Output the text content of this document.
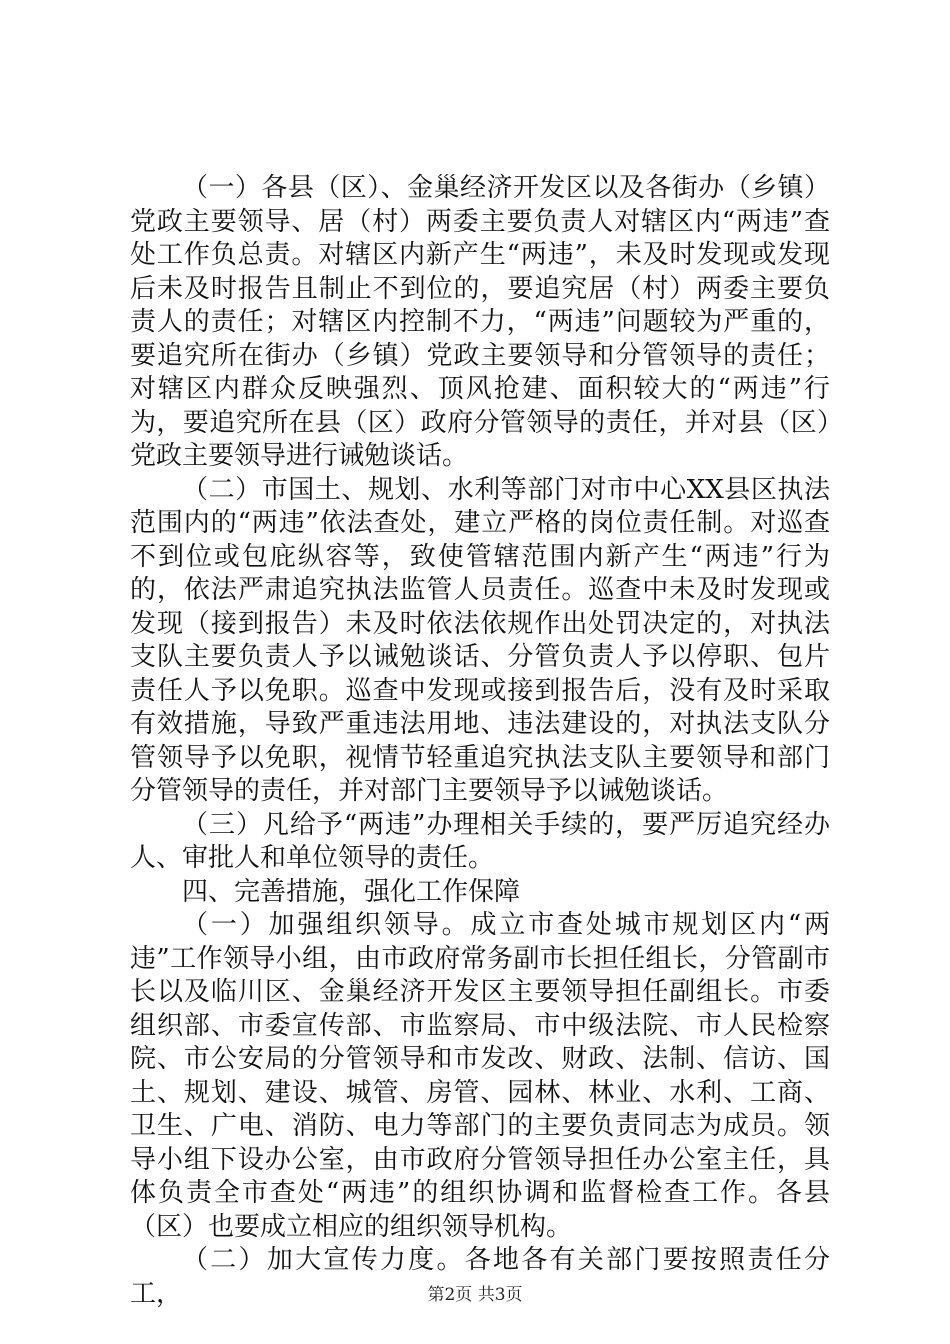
（一）各县（区）、金巢经济开发区以及各街办（乡镇）党政主要领导、居（村）两委主要负责人对辖区内“两违”查处工作负总责。对辖区内新产生“两违”，未及时发现或发现后未及时报告且制止不到位的，要追究居（村）两委主要负责人的责任；对辖区内控制不力，“两违”问题较为严重的，要追究所在街办（乡镇）党政主要领导和分管领导的责任；对辖区内群众反映强烈、顶风抢建、面积较大的“两违”行为，要追究所在县（区）政府分管领导的责任，并对县（区）党政主要领导进行诫勉谈话。

（二）市国土、规划、水利等部门对市中心XX县区执法范围内的“两违”依法查处，建立严格的岗位责任制。对巡查不到位或包庇纵容等，致使管辖范围内新产生“两违”行为的，依法严肃追究执法监管人员责任。巡查中未及时发现或发现（接到报告）未及时依法依规作出处罚决定的，对执法支队主要负责人予以诫勉谈话、分管负责人予以停职、包片责任人予以免职。巡查中发现或接到报告后，没有及时采取有效措施，导致严重违法用地、违法建设的，对执法支队分管领导予以免职，视情节轻重追究执法支队主要领导和部门分管领导的责任，并对部门主要领导予以诫勉谈话。

（三）凡给予“两违”办理相关手续的，要严厉追究经办人、审批人和单位领导的责任。

四、完善措施，强化工作保障

（一）加强组织领导。成立市查处城市规划区内“两违”工作领导小组，由市政府常务副市长担任组长，分管副市长以及临川区、金巢经济开发区主要领导担任副组长。市委组织部、市委宣传部、市监察局、市中级法院、市人民检察院、市公安局的分管领导和市发改、财政、法制、信访、国土、规划、建设、城管、房管、园林、林业、水利、工商、卫生、广电、消防、电力等部门的主要负责同志为成员。领导小组下设办公室，由市政府分管领导担任办公室主任，具体负责全市查处“两违”的组织协调和监督检查工作。各县（区）也要成立相应的组织领导机构。

（二）加大宣传力度。各地各有关部门要按照责任分工，	第2页 共3页
